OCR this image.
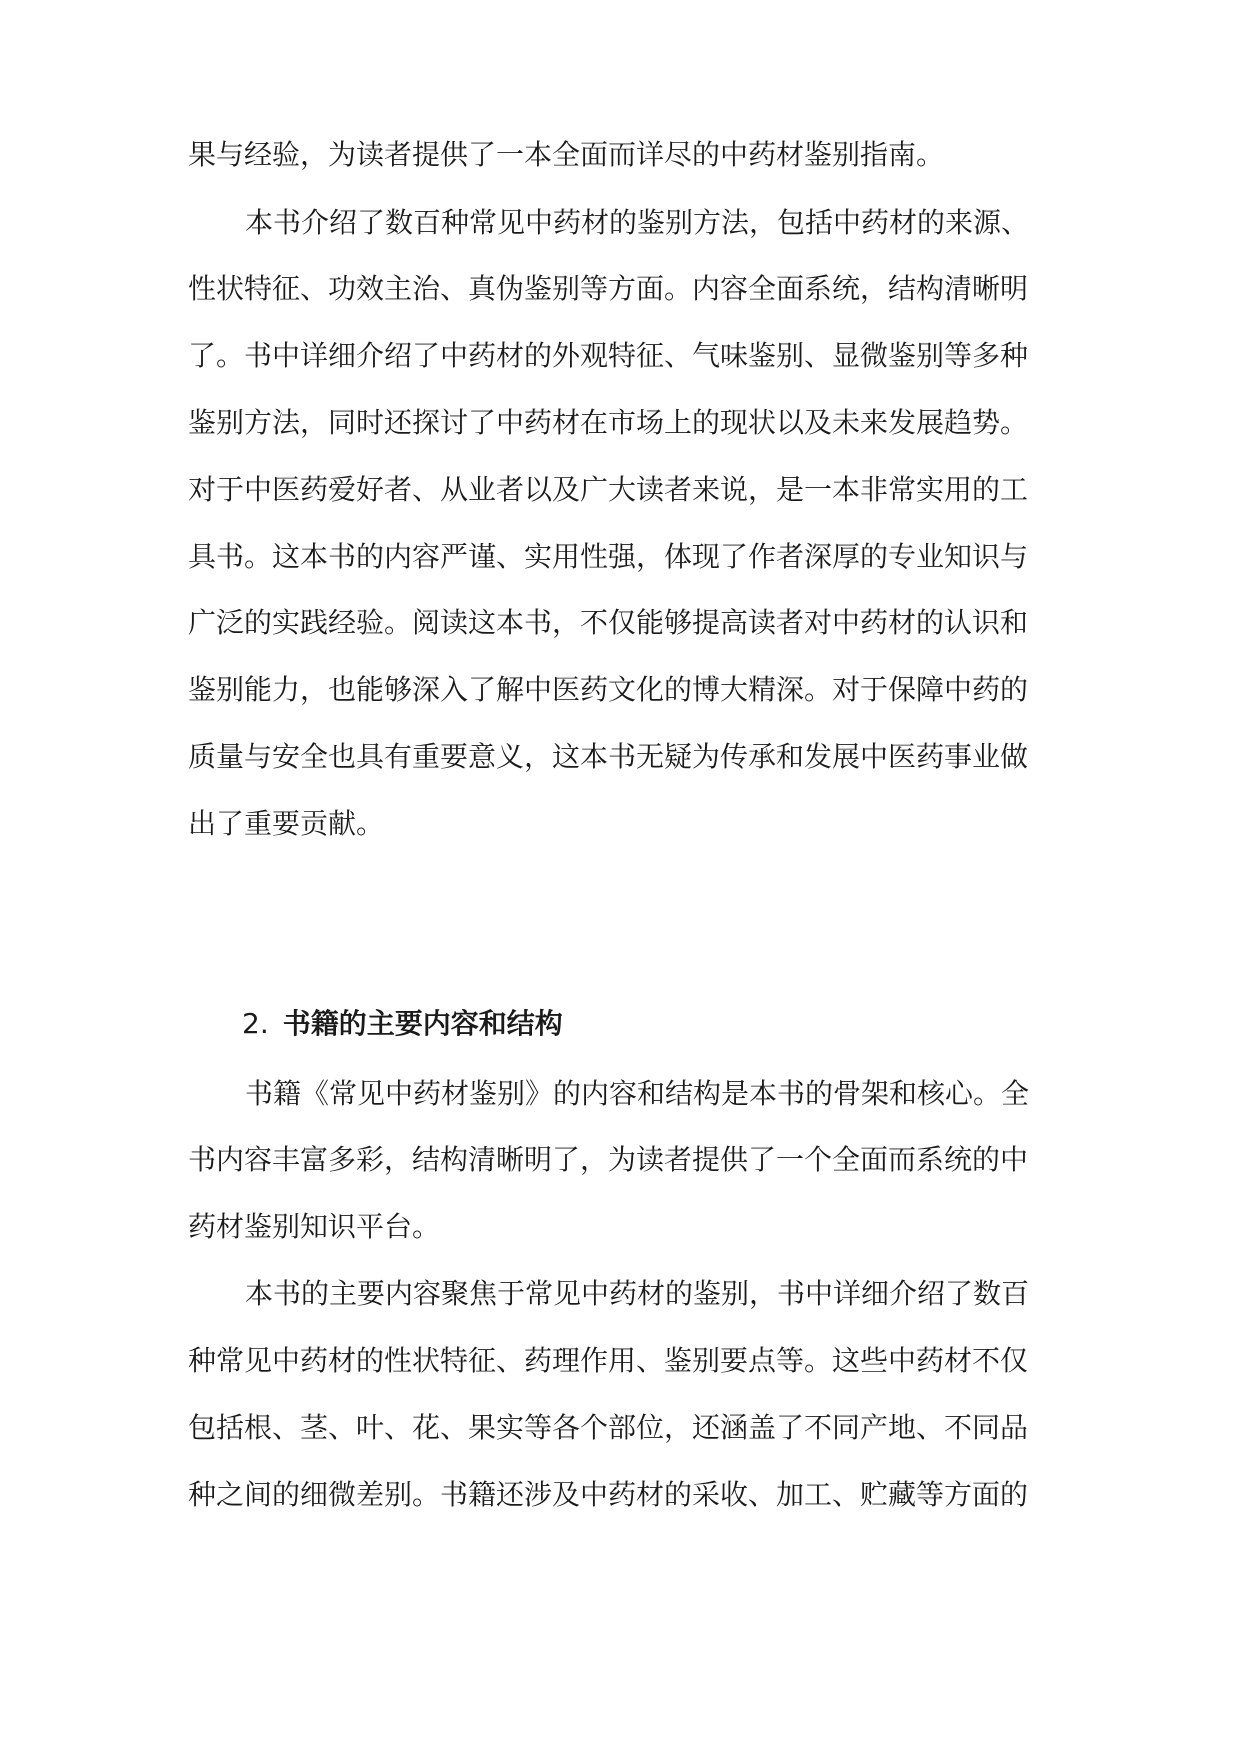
果与经验，为读者提供了一本全面而详尽的中药材鉴别指南。
本书介绍了数百种常见中药材的鉴别方法，包括中药材的来源、
性状特征、功效主治、真伪鉴别等方面。内容全面系统，结构清晰明
了。书中详细介绍了中药材的外观特征、气味鉴别、显微鉴别等多种
鉴别方法，同时还探讨了中药材在市场上的现状以及未来发展趋势。
对于中医药爱好者、从业者以及广大读者来说，是一本非常实用的工
具书。这本书的内容严谨、实用性强，体现了作者深厚的专业知识与
广泛的实践经验。阅读这本书，不仅能够提高读者对中药材的认识和
鉴别能力，也能够深入了解中医药文化的博大精深。对于保障中药的
质量与安全也具有重要意义，这本书无疑为传承和发展中医药事业做
出了重要贡献。
2. 书籍的主要内容和结构
书籍《常见中药材鉴别》的内容和结构是本书的骨架和核心。全
书内容丰富多彩，结构清晰明了，为读者提供了一个全面而系统的中
药材鉴别知识平台。
本书的主要内容聚焦于常见中药材的鉴别，书中详细介绍了数百
种常见中药材的性状特征、药理作用、鉴别要点等。这些中药材不仅
包括根、茎、叶、花、果实等各个部位，还涵盖了不同产地、不同品
种之间的细微差别。书籍还涉及中药材的采收、加工、贮藏等方面的
